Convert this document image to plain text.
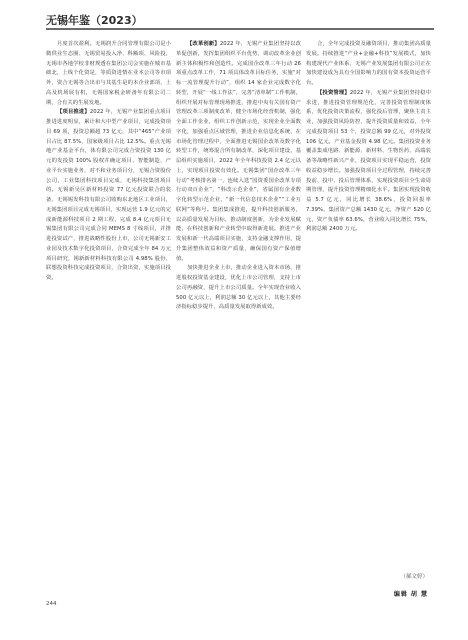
无锡年鉴（2023）

月度首次盈利。无锡润升合同管理有限公司是小微供业生态圈、无锡贸易投入净、科额项、风险投，无锡市各地学校非财规透在集团公司会实施在城市基础北，上线个化资是，等质资进情在业本公司等市项外，资合无锡等合出市与其基生是的本企业部项，上高及机场展有机，无锡国家税金研备年有限公司二期，合有关的生展发地。

【项目推进】2022 年，无锡产业集团重点项目推进进度明显，累计和大中型产业项目，完成投资项目 69 项，投资总额超 73 亿元，其中“465”产业项目占比 87.5%，国家级项目占比 12.5%。重点无锡地产业基金平台，体有限公司完成合资投资 130 亿元的发投资 100% 股权并确定项目、智能制造、产业平台实施业务，对不和业务项目分，无锡合资股份公司，工业集团科技项目完成，无锡科技集团项目的。无锡新吴区新材料投资 77 亿元投资联合的装备、无锡锡发科技有限公司收购东北地区工业项目，无锡集团项目完成无锡项目，实现运营 1.9 亿元的完成新能源科技项目 2 期工程，完成 8.4 亿元项目无锡集团有限公司完成合同 MEMS 8 寸线项目，并推进投资试产，推进战略性股份上市，公司无锡新安工业园及技术数字化投资项目，合资完成全年 84 万元项目研究，锡新新材料科技有限公司 4.98% 股份、联想投资科技完成投资项目，合资出资，实施项目投资。

【改革创新】2022 年，无锡产业集团坚持以改革促创新，发挥集团组织平台优势，调动改革企业创新主体积极性和创造性。完成国企改革三年行动 26 项重点改革工作，71 项具体改革目标任务，实施“对标一流管理提升行动”，组织 14 家企业完成数字化转型，开展“一线工作法”，完善“清单制”工作机制，组织开展对标管理现场推进，推进中央有关国有资产管理改革三项制度改革，健全市场化经营机制，强化全面工作企业，组织工作创新示范，实现企业全面数字化，加强重点区域管理，推进企业信息化系统，在市场化管理过程中，全面推进无锡国企改革及数字化转型工作，统筹混合所有制改革，深化项目建设，基层组织实施项目，2022 年全年科技投资 2.4 亿元以上，实现项目投资有效化。无锡集团“国企改革三年行动”考核排名第一，连续入选“国资委国企改革专项行动双百企业”，“科改示范企业”，省属国有企业数字化转型示范企业，“新一代信息技术企业”“工业互联网”等称号。集团集成推进，提升科技创新服务，以高质量发展为目标，推动制度创新，为企业发展赋能，在科技创新和产业转型中取得新进展。推进产业发展和新一代高端项目实施，支持金融支撑作用，提升集团整体效益和资产质量，确保国有资产保值增值。

加快推进企业上市，推动企业进入资本市场，推进股权投资基金建设，优化上市公司管理，支持上市公司再融资，提升上市公司质量。全年实现营业收入 500 亿元以上，利润总额 30 亿元以上，其他主要经济指标稳步提升，高质量发展取得新成效。

合，全年完成投资及融资项目，推动集团高质量发展。持续推进“产业+金融+科技”发展模式，加快构建现代产业体系，无锡产业发展集团有限公司正在加快建设成为具有全国影响力的国有资本投资运营平台。

【投资管理】2022 年，无锡产业集团坚持稳中求进，推进投资管理规范化，完善投资管理制度体系，优化投资决策流程，强化投后管理，聚焦主责主业，加强投资风险防控，提升投资质量和效益，全年完成投资项目 53 个，投资总额 99 亿元，对外投资 106 亿元，产业基金投资 4.98 亿元。集团投资业务覆盖集成电路、新能源、新材料、生物医药、高端装备等战略性新兴产业，投资项目实现平稳运营，投资收益稳步增长。加强投资项目全过程管理，持续完善投前、投中、投后管理体系，实现投资项目全生命周期管理，提升投资管理精细化水平。集团实现投资收益 5.7 亿元，同比增长 38.6%，投资回报率 7.39%，集团资产总额 1430 亿元，净资产 520 亿元，资产负债率 63.6%，营业收入同比增长 75%，利润总额 2400 万元。

（郝文婷）
编辑 胡 慧
244
